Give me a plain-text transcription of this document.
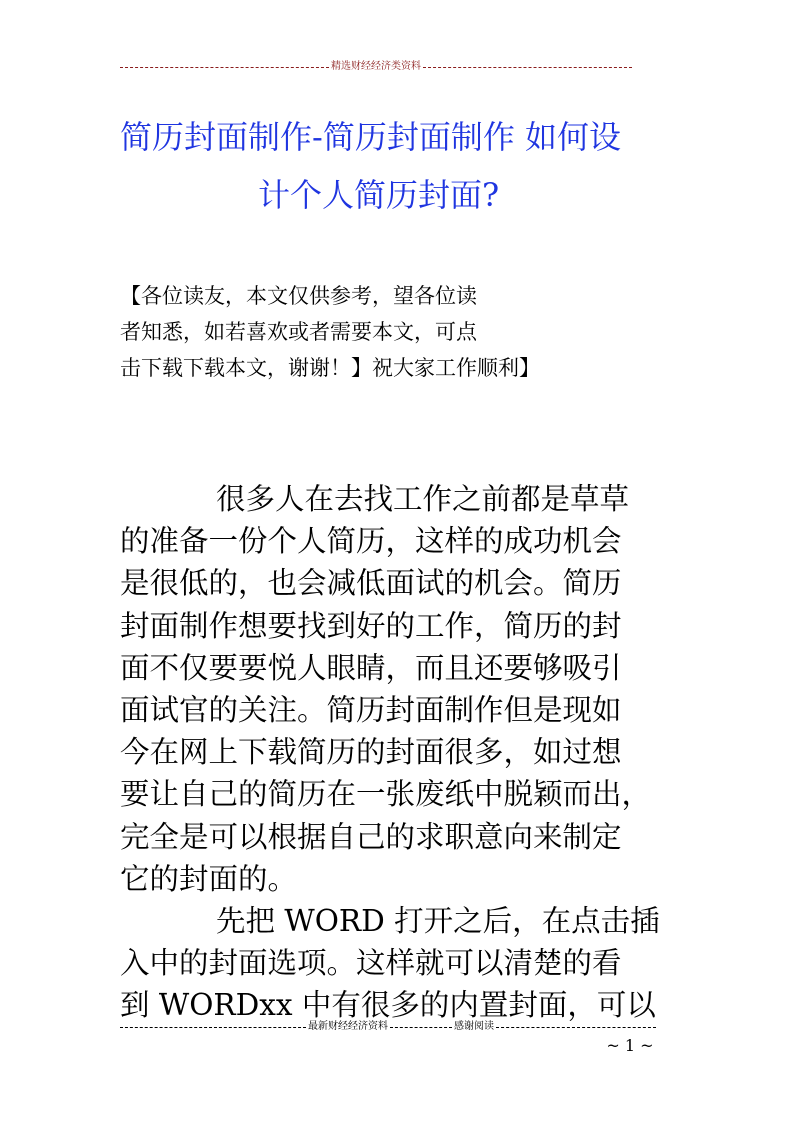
精选财经经济类资料
简历封面制作-简历封面制作 如何设
计个人简历封面?
【各位读友，本文仅供参考，望各位读
者知悉，如若喜欢或者需要本文，可点
击下载下载本文，谢谢！】祝大家工作顺利】
很多人在去找工作之前都是草草
的准备一份个人简历，这样的成功机会
是很低的，也会减低面试的机会。简历
封面制作想要找到好的工作，简历的封
面不仅要要悦人眼睛，而且还要够吸引
面试官的关注。简历封面制作但是现如
今在网上下载简历的封面很多，如过想
要让自己的简历在一张废纸中脱颖而出，
完全是可以根据自己的求职意向来制定
它的封面的。
先把 WORD 打开之后，在点击插
入中的封面选项。这样就可以清楚的看
到 WORDxx 中有很多的内置封面，可以
最新财经经济资料	感谢阅读
~ 1 ~
